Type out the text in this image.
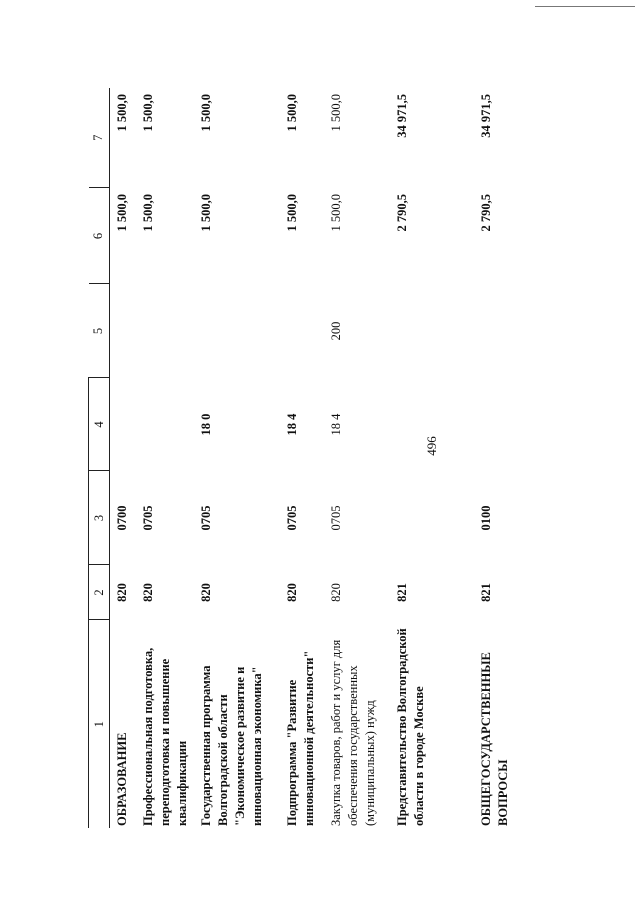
496
1	2	3	4	5	6	7
ОБРАЗОВАНИЕ	820	0700			1 500,0	1 500,0
Профессиональная подготовка, переподготовка и повышение квалификации	820	0705			1 500,0	1 500,0
Государственная программа Волгоградской области "Экономическое развитие и инновационная экономика"	820	0705	18 0		1 500,0	1 500,0
Подпрограмма "Развитие инновационной деятельности"	820	0705	18 4		1 500,0	1 500,0
Закупка товаров, работ и услуг для обеспечения государственных (муниципальных) нужд	820	0705	18 4	200	1 500,0	1 500,0
Представительство Волгоградской области в городе Москве	821				2 790,5	34 971,5
ОБЩЕГОСУДАРСТВЕННЫЕ ВОПРОСЫ	821	0100			2 790,5	34 971,5
